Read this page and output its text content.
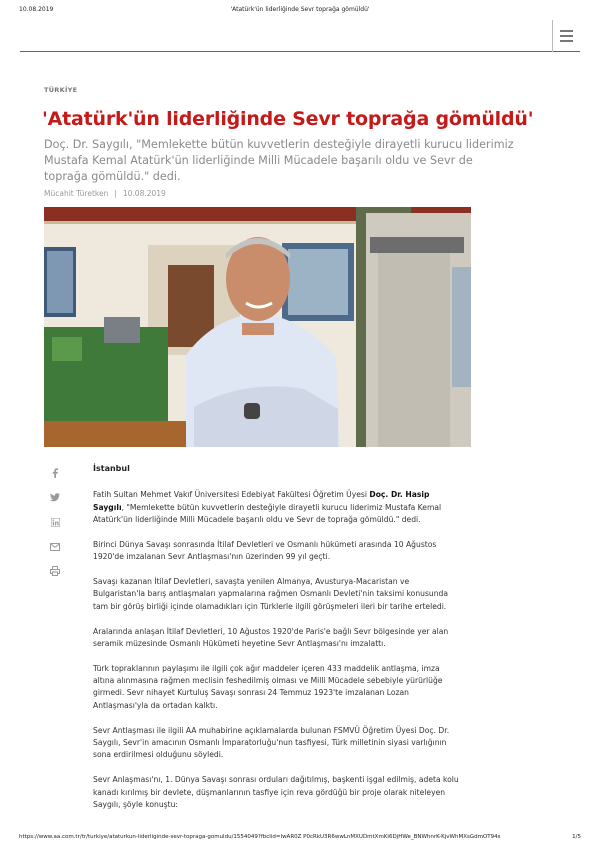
10.08.2019	'Atatürk'ün liderliğinde Sevr toprağa gömüldü'
TÜRKİYE
'Atatürk'ün liderliğinde Sevr toprağa gömüldü'
Doç. Dr. Saygılı, "Memlekette bütün kuvvetlerin desteğiyle dirayetli kurucu liderimiz Mustafa Kemal Atatürk'ün liderliğinde Milli Mücadele başarılı oldu ve Sevr de toprağa gömüldü." dedi.
Mücahit Türetken | 10.08.2019
İstanbul

Fatih Sultan Mehmet Vakıf Üniversitesi Edebiyat Fakültesi Öğretim Üyesi Doç. Dr. Hasip Saygılı, "Memlekette bütün kuvvetlerin desteğiyle dirayetli kurucu liderimiz Mustafa Kemal Atatürk'ün liderliğinde Milli Mücadele başarılı oldu ve Sevr de toprağa gömüldü." dedi.

Birinci Dünya Savaşı sonrasında İtilaf Devletleri ve Osmanlı hükümeti arasında 10 Ağustos 1920'de imzalanan Sevr Antlaşması'nın üzerinden 99 yıl geçti.

Savaşı kazanan İtilaf Devletleri, savaşta yenilen Almanya, Avusturya-Macaristan ve Bulgaristan'la barış antlaşmaları yapmalarına rağmen Osmanlı Devleti'nin taksimi konusunda tam bir görüş birliği içinde olamadıkları için Türklerle ilgili görüşmeleri ileri bir tarihe erteledi.

Aralarında anlaşan İtilaf Devletleri, 10 Ağustos 1920'de Paris'e bağlı Sevr bölgesinde yer alan seramik müzesinde Osmanlı Hükümeti heyetine Sevr Antlaşması'nı imzalattı.

Türk topraklarının paylaşımı ile ilgili çok ağır maddeler içeren 433 maddelik antlaşma, imza altına alınmasına rağmen meclisin feshedilmiş olması ve Milli Mücadele sebebiyle yürürlüğe girmedi. Sevr nihayet Kurtuluş Savaşı sonrası 24 Temmuz 1923'te imzalanan Lozan Antlaşması'yla da ortadan kalktı.

Sevr Antlaşması ile ilgili AA muhabirine açıklamalarda bulunan FSMVÜ Öğretim Üyesi Doç. Dr. Saygılı, Sevr'in amacının Osmanlı İmparatorluğu'nun tasfiyesi, Türk milletinin siyasi varlığının sona erdirilmesi olduğunu söyledi.

Sevr Anlaşması'nı, 1. Dünya Savaşı sonrası orduları dağıtılmış, başkenti işgal edilmiş, adeta kolu kanadı kırılmış bir devlete, düşmanlarının tasfiye için reva gördüğü bir proje olarak niteleyen Saygılı, şöyle konuştu:

https://www.aa.com.tr/tr/turkiye/ataturkun-liderliginde-sevr-topraga-gomuldu/1554049?fbclid=IwAR0Z P0cRkU3R6wwLnMXUDmtXmKi6DjHWe_BNWhnrK-KjvWhMXsGdmOT94s	1/5
